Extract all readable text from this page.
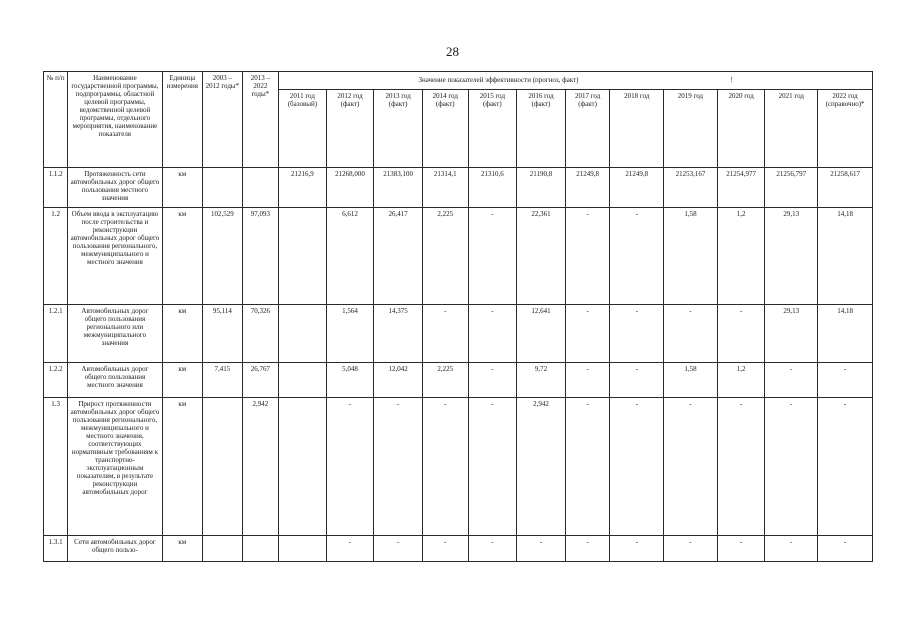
28
№ п/п	Наименование государственной программы, подпрограммы, областной целевой программы, ведомственной целевой программы, отдельного мероприятия, наименование показателя	Единица измерения	2003 – 2012 годы*	2013 – 2022 годы*	Значение показателей эффективности (прогноз, факт) !											
					2011 год (базовый)	2012 год (факт)	2013 год (факт)	2014 год (факт)	2015 год (факт)	2016 год (факт)	2017 год (факт)	2018 год	2019 год	2020 год	2021 год	2022 год (справочно)*
1.1.2	Протяженность сети автомобильных дорог общего пользования местного значения	км			21216,9	21268,000	21383,100	21314,1	21310,6	21190,8	21249,8	21249,8	21253,167	21254,977	21256,797	21258,617
1.2	Объем ввода в эксплуатацию после строительства и реконструкции автомобильных дорог общего пользования регионального, межмуниципального и местного значения	км	102,529	97,093		6,612	26,417	2,225	-	22,361	-	-	1,58	1,2	29,13	14,18
1.2.1	Автомобильных дорог общего пользования регионального или межмуниципального значения	км	95,114	70,326		1,564	14,375	-	-	12,641	-	-	-	-	29,13	14,18
1.2.2	Автомобильных дорог общего пользования местного значения	км	7,415	26,767		5,048	12,042	2,225	-	9,72	-	-	1,58	1,2	-	-
1.3	Прирост протяженности автомобильных дорог общего пользования регионального, межмуниципального и местного значения, соответствующих нормативным требованиям к транспортно-эксплуатационным показателям, в результате реконструкции автомобильных дорог	км		2,942		-	-	-	-	2,942	-	-	-	-	-	-
1.3.1	Сети автомобильных дорог общего пользо-	км				-	-	-	-	-	-	-	-	-	-	-
